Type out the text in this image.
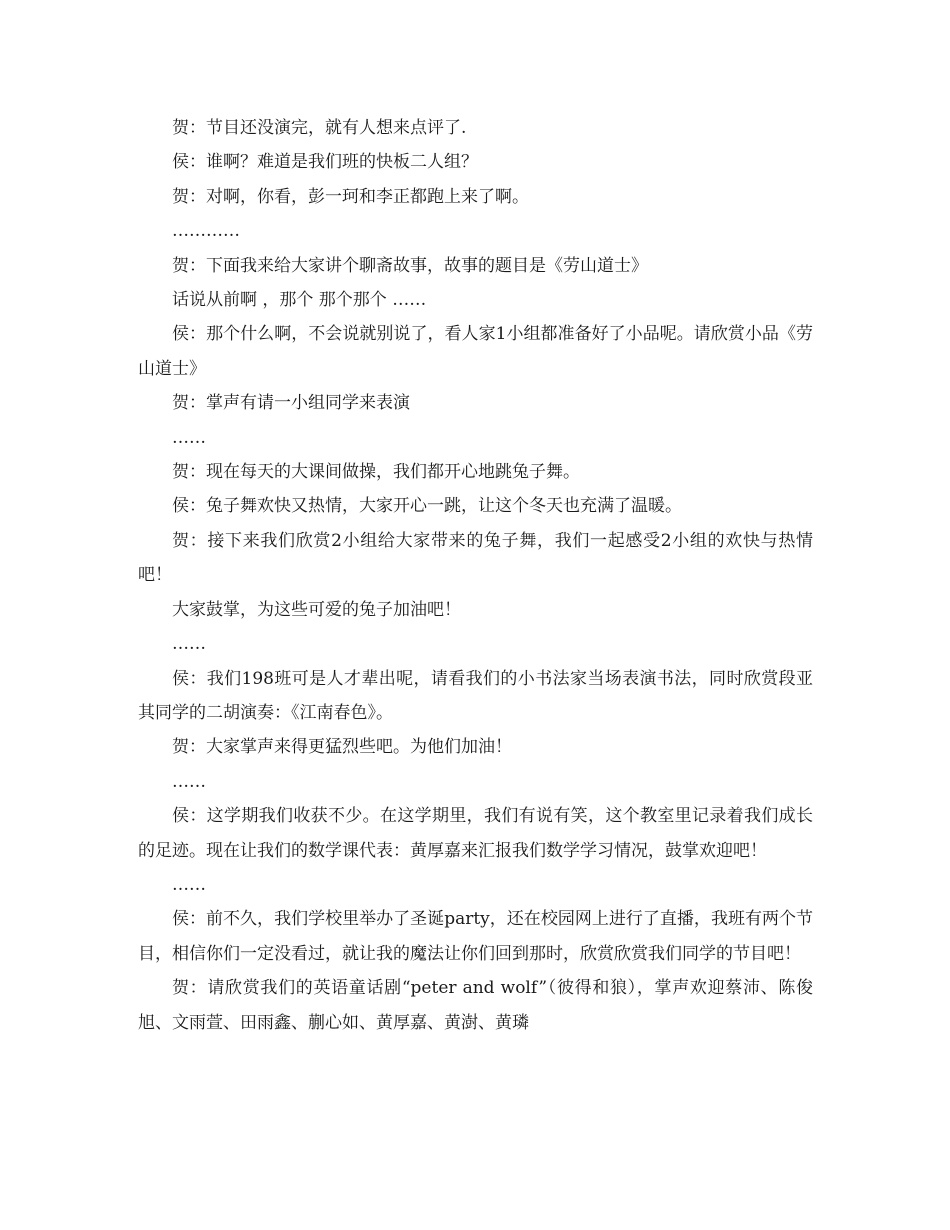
贺：节目还没演完，就有人想来点评了.

侯：谁啊？难道是我们班的快板二人组？

贺：对啊，你看，彭一珂和李正都跑上来了啊。

…………

贺：下面我来给大家讲个聊斋故事，故事的题目是《劳山道士》

话说从前啊 ，那个 那个那个 ……

侯：那个什么啊，不会说就别说了，看人家1小组都准备好了小品呢。请欣赏小品《劳山道士》

贺：掌声有请一小组同学来表演

……

贺：现在每天的大课间做操，我们都开心地跳兔子舞。

侯：兔子舞欢快又热情，大家开心一跳，让这个冬天也充满了温暖。

贺：接下来我们欣赏2小组给大家带来的兔子舞，我们一起感受2小组的欢快与热情吧！

大家鼓掌，为这些可爱的兔子加油吧！

……

侯：我们198班可是人才辈出呢，请看我们的小书法家当场表演书法，同时欣赏段亚其同学的二胡演奏：《江南春色》。

贺：大家掌声来得更猛烈些吧。为他们加油！

……

侯：这学期我们收获不少。在这学期里，我们有说有笑，这个教室里记录着我们成长的足迹。现在让我们的数学课代表：黄厚嘉来汇报我们数学学习情况，鼓掌欢迎吧！

……

侯：前不久，我们学校里举办了圣诞party，还在校园网上进行了直播，我班有两个节目，相信你们一定没看过，就让我的魔法让你们回到那时，欣赏欣赏我们同学的节目吧！

贺：请欣赏我们的英语童话剧“peter and wolf”（彼得和狼），掌声欢迎蔡沛、陈俊旭、文雨萱、田雨鑫、蒯心如、黄厚嘉、黄澍、黄璘
